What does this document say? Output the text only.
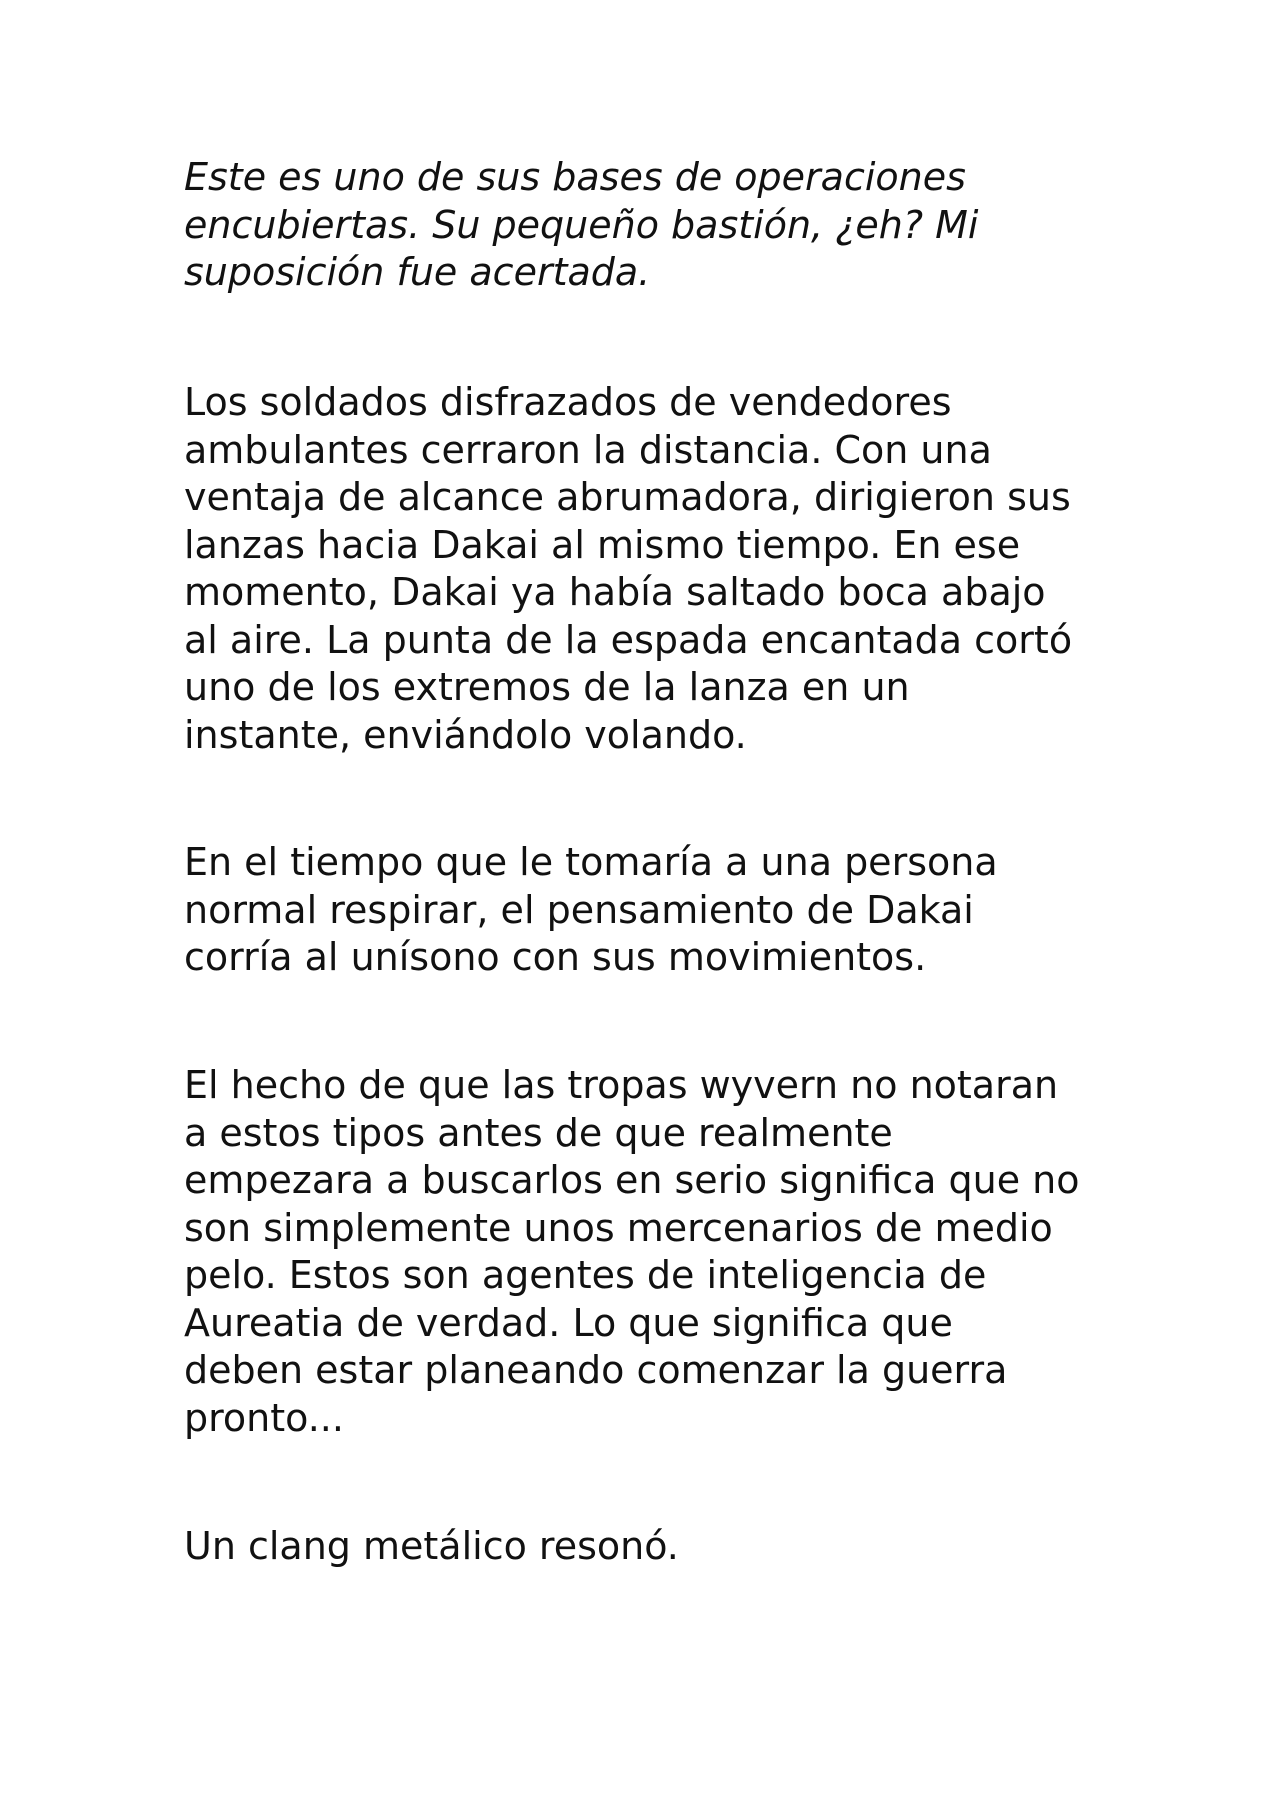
Este es uno de sus bases de operaciones
encubiertas. Su pequeño bastión, ¿eh? Mi
suposición fue acertada.

Los soldados disfrazados de vendedores
ambulantes cerraron la distancia. Con una
ventaja de alcance abrumadora, dirigieron sus
lanzas hacia Dakai al mismo tiempo. En ese
momento, Dakai ya había saltado boca abajo
al aire. La punta de la espada encantada cortó
uno de los extremos de la lanza en un
instante, enviándolo volando.

En el tiempo que le tomaría a una persona
normal respirar, el pensamiento de Dakai
corría al unísono con sus movimientos.

El hecho de que las tropas wyvern no notaran
a estos tipos antes de que realmente
empezara a buscarlos en serio significa que no
son simplemente unos mercenarios de medio
pelo. Estos son agentes de inteligencia de
Aureatia de verdad. Lo que significa que
deben estar planeando comenzar la guerra
pronto...

Un clang metálico resonó.
